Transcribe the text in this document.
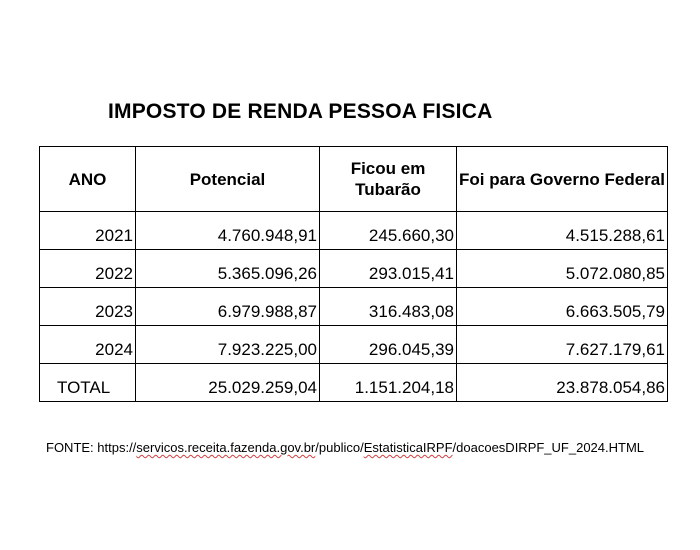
IMPOSTO DE RENDA PESSOA FISICA
ANO	Potencial	Ficou em Tubarão	Foi para Governo Federal
2021	4.760.948,91	245.660,30	4.515.288,61
2022	5.365.096,26	293.015,41	5.072.080,85
2023	6.979.988,87	316.483,08	6.663.505,79
2024	7.923.225,00	296.045,39	7.627.179,61
TOTAL	25.029.259,04	1.151.204,18	23.878.054,86
FONTE: https://servicos.receita.fazenda.gov.br/publico/EstatisticaIRPF/doacoesDIRPF_UF_2024.HTML
